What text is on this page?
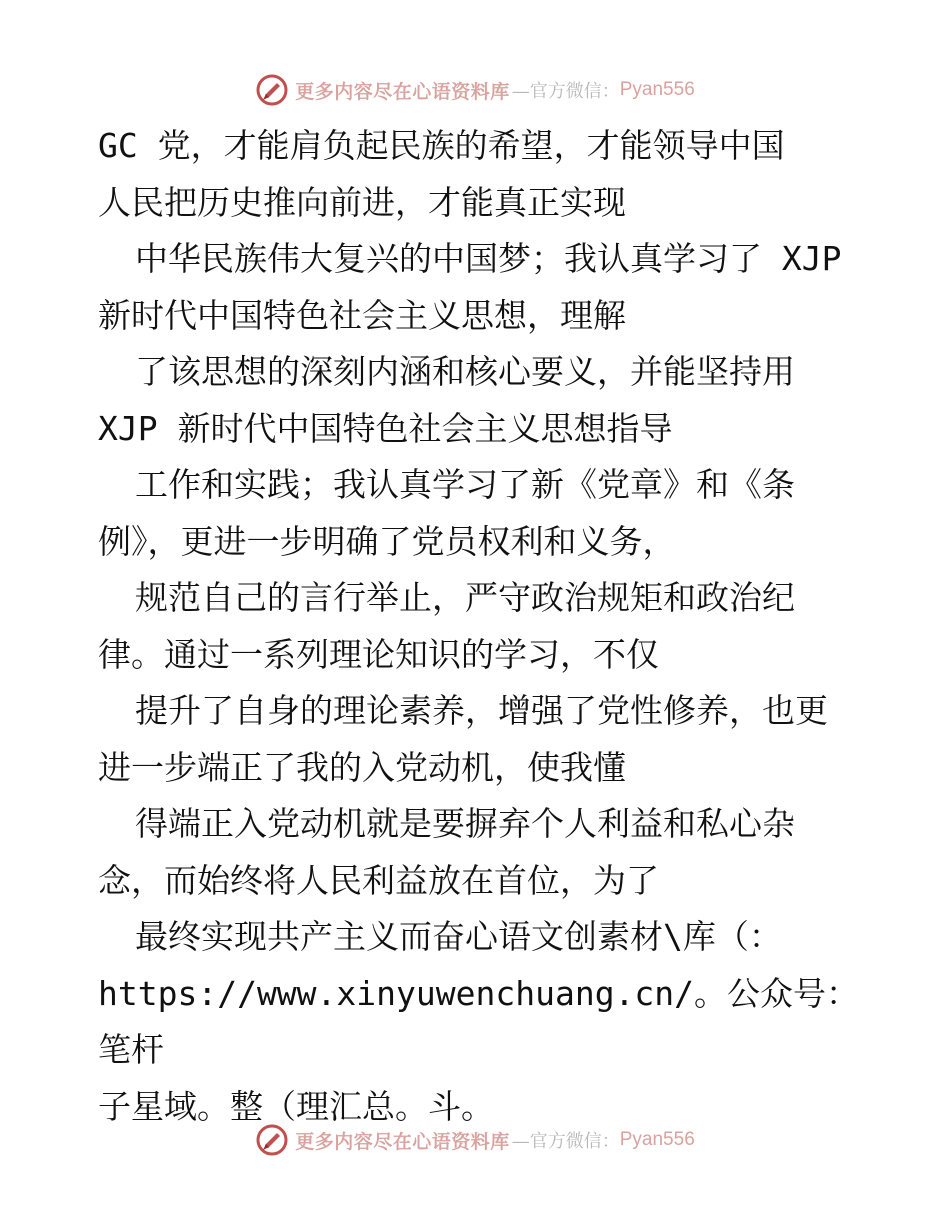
更多内容尽在心语资料库 —官方微信： Pyan556

GC 党，才能肩负起民族的希望，才能领导中国

人民把历史推向前进，才能真正实现

中华民族伟大复兴的中国梦；我认真学习了 XJP

新时代中国特色社会主义思想，理解

了该思想的深刻内涵和核心要义，并能坚持用

XJP 新时代中国特色社会主义思想指导

工作和实践；我认真学习了新《党章》和《条

例》，更进一步明确了党员权利和义务，

规范自己的言行举止，严守政治规矩和政治纪

律。通过一系列理论知识的学习，不仅

提升了自身的理论素养，增强了党性修养，也更

进一步端正了我的入党动机，使我懂

得端正入党动机就是要摒弃个人利益和私心杂

念，而始终将人民利益放在首位，为了

最终实现共产主义而奋心语文创素材\库（：

https://www.xinyuwenchuang.cn/。公众号：笔杆

子星域。整（理汇总。斗。

更多内容尽在心语资料库 —官方微信： Pyan556
